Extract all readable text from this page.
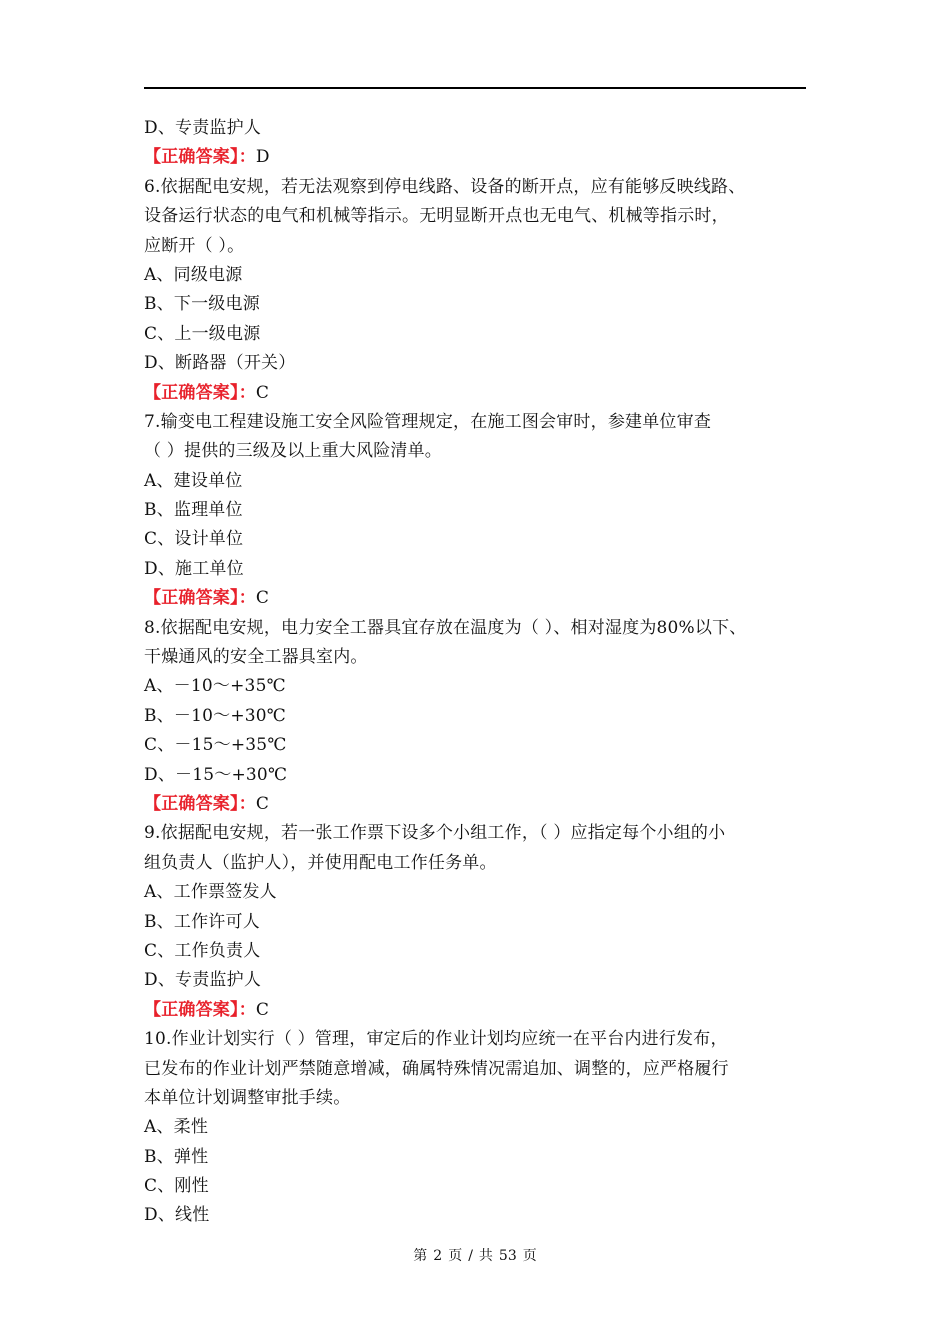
D、专责监护人
【正确答案】：D
6.依据配电安规，若无法观察到停电线路、设备的断开点，应有能够反映线路、
设备运行状态的电气和机械等指示。无明显断开点也无电气、机械等指示时，
应断开（ ）。
A、同级电源
B、下一级电源
C、上一级电源
D、断路器（开关）
【正确答案】：C
7.输变电工程建设施工安全风险管理规定，在施工图会审时，参建单位审查
（ ）提供的三级及以上重大风险清单。
A、建设单位
B、监理单位
C、设计单位
D、施工单位
【正确答案】：C
8.依据配电安规，电力安全工器具宜存放在温度为（ ）、相对湿度为80%以下、
干燥通风的安全工器具室内。
A、－10～+35℃
B、－10～+30℃
C、－15～+35℃
D、－15～+30℃
【正确答案】：C
9.依据配电安规，若一张工作票下设多个小组工作，（ ）应指定每个小组的小
组负责人（监护人），并使用配电工作任务单。
A、工作票签发人
B、工作许可人
C、工作负责人
D、专责监护人
【正确答案】：C
10.作业计划实行（ ）管理，审定后的作业计划均应统一在平台内进行发布，
已发布的作业计划严禁随意增减，确属特殊情况需追加、调整的，应严格履行
本单位计划调整审批手续。
A、柔性
B、弹性
C、刚性
D、线性
第 2 页 / 共 53 页
